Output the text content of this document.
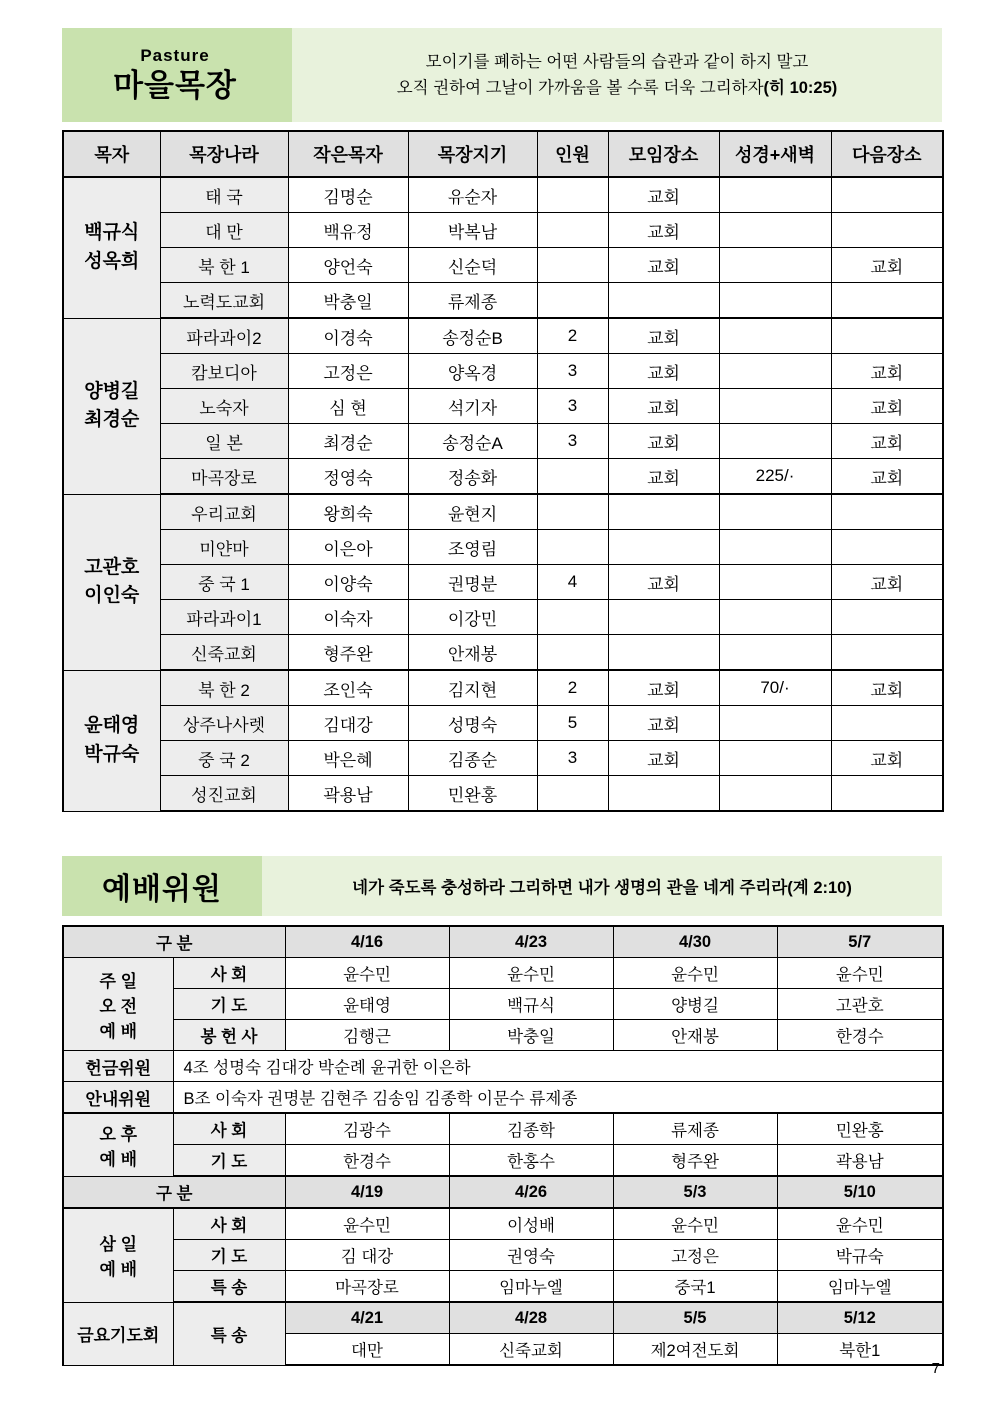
Pasture
마을목장
모이기를 폐하는 어떤 사람들의 습관과 같이 하지 말고
오직 권하여 그날이 가까움을 볼 수록 더욱 그리하자(히 10:25)
목자	목장나라	작은목자	목장지기	인원	모임장소	성경+새벽	다음장소

백규식
성옥희	태 국	김명순	유순자		교회		
	대 만	백유정	박복남		교회		
	북 한 1	양언숙	신순덕		교회		교회
	노력도교회	박충일	류제종				

양병길
최경순	파라과이2	이경숙	송정순B	2	교회		
	캄보디아	고정은	양옥경	3	교회		교회
	노숙자	심 현	석기자	3	교회		교회
	일 본	최경순	송정순A	3	교회		교회
	마곡장로	정영숙	정송화		교회	225/·	교회

고관호
이인숙	우리교회	왕희숙	윤현지				
	미얀마	이은아	조영림				
	중 국 1	이양숙	권명분	4	교회		교회
	파라과이1	이숙자	이강민				
	신죽교회	형주완	안재봉				

윤태영
박규숙	북 한 2	조인숙	김지현	2	교회	70/·	교회
	상주나사렛	김대강	성명숙	5	교회		
	중 국 2	박은혜	김종순	3	교회		교회
	성진교회	곽용남	민완홍				
예배위원	네가 죽도록 충성하라 그리하면 내가 생명의 관을 네게 주리라(계 2:10)
구 분		4/16	4/23	4/30	5/7

주 일
오 전
예 배	사 회	윤수민	윤수민	윤수민	윤수민
	기 도	윤태영	백규식	양병길	고관호
	봉 헌 사	김행근	박충일	안재봉	한경수
헌금위원	4조 성명숙 김대강 박순례 윤귀한 이은하				
안내위원	B조 이숙자 권명분 김현주 김송임 김종학 이문수 류제종				

오 후
예 배	사 회	김광수	김종학	류제종	민완홍
	기 도	한경수	한홍수	형주완	곽용남
구 분		4/19	4/26	5/3	5/10

삼 일
예 배	사 회	윤수민	이성배	윤수민	윤수민
	기 도	김 대강	권영숙	고정은	박규숙
	특 송	마곡장로	임마누엘	중국1	임마누엘
금요기도회	특 송	4/21	4/28	5/5	5/12
		대만	신죽교회	제2여전도회	북한1
7
